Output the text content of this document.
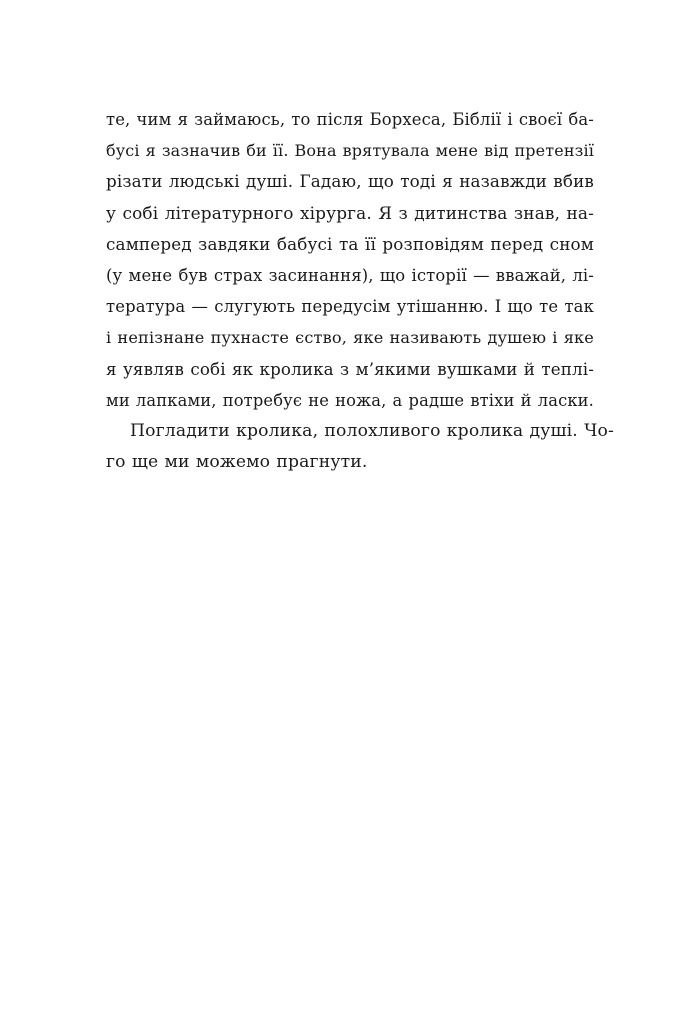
те, чим я займаюсь, то після Борхеса, Біблії і своєї ба-
бусі я зазначив би її. Вона врятувала мене від претензії
різати людські душі. Гадаю, що тоді я назавжди вбив
у собі літературного хірурга. Я з дитинства знав, на-
самперед завдяки бабусі та її розповідям перед сном
(у мене був страх засинання), що історії — вважай, лі-
тература — слугують передусім утішанню. І що те так
і непізнане пухнасте єство, яке називають душею і яке
я уявляв собі як кролика з м’якими вушками й теплі-
ми лапками, потребує не ножа, а радше втіхи й ласки.
Погладити кролика, полохливого кролика душі. Чо-
го ще ми можемо прагнути.
